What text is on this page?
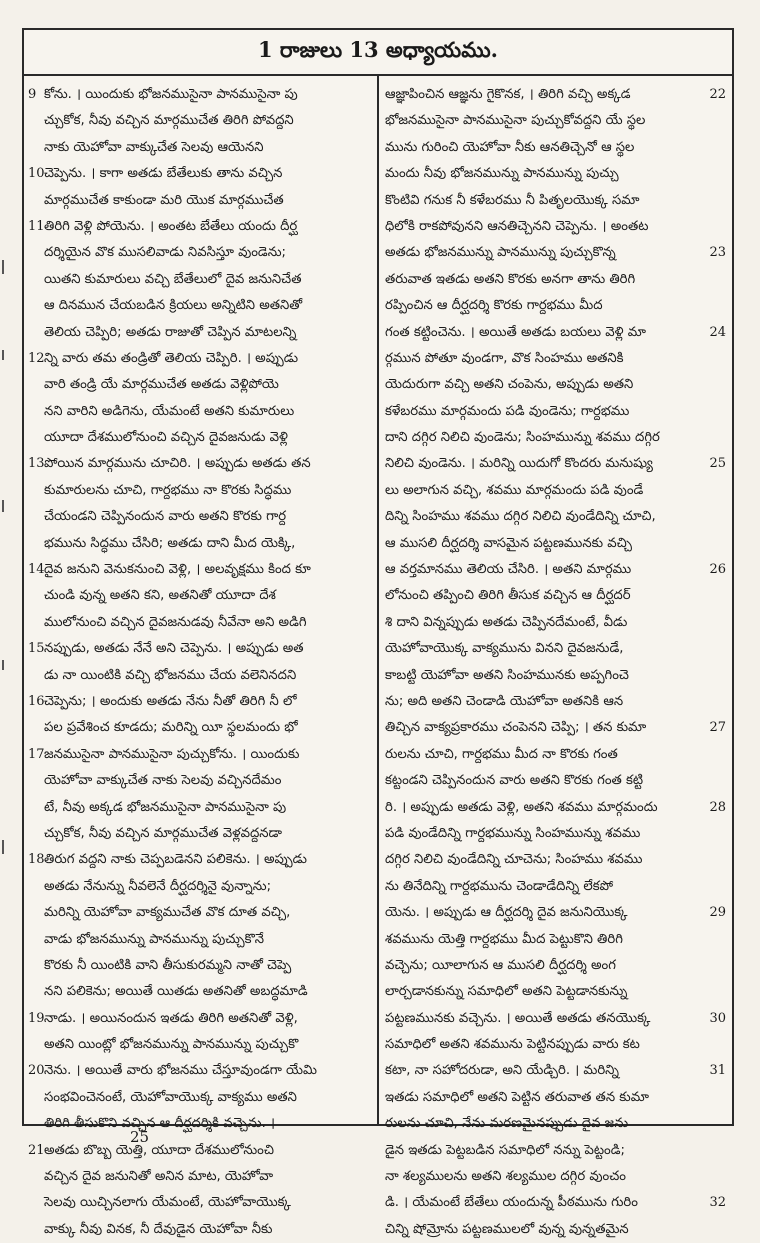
1 రాజులు 13 అధ్యాయము.
9 కోను. । యిందుకు భోజనముసైనా పానముసైనా పు
చ్చుకోక, నీవు వచ్చిన మార్గముచేత తిరిగి పోవద్దని
నాకు యెహోవా వాక్కుచేత సెలవు ఆయెనని
10 చెప్పెను. । కాగా అతడు బేతేలుకు తాను వచ్చిన
మార్గముచేత కాకుండా మరి యొక మార్గముచేత
11 తిరిగి వెళ్లి పోయెను. । అంతట బేతేలు యందు దీర్ఘ
దర్శియైన వొక ముసలివాడు నివసిస్తూ వుండెను;
యితని కుమారులు వచ్చి బేతేలులో దైవ జనునిచేత
ఆ దినమున చేయబడిన క్రియలు అన్నిటిని అతనితో
తెలియ చెప్పిరి; అతడు రాజుతో చెప్పిన మాటలన్ని
12 న్ని వారు తమ తండ్రితో తెలియ చెప్పిరి. । అప్పుడు
వారి తండ్రి యే మార్గముచేత అతడు వెళ్లిపోయె
నని వారిని అడిగెను, యేమంటే అతని కుమారులు
యూదా దేశములోనుంచి వచ్చిన దైవజనుడు వెళ్లి
13 పోయిన మార్గమును చూచిరి. । అప్పుడు అతడు తన
కుమారులను చూచి, గార్దభము నా కొరకు సిద్ధము
చేయండని చెప్పినందున వారు అతని కొరకు గార్ద
భమును సిద్ధము చేసిరి; అతడు దాని మీద యెక్కి,
14 దైవ జనుని వెనుకనుంచి వెళ్లి, । అలవృక్షము కింద కూ
చుండి వున్న అతని కని, అతనితో యూదా దేశ
ములోనుంచి వచ్చిన దైవజనుడవు నీవేనా అని అడిగి
15 నప్పుడు, అతడు నేనే అని చెప్పెను. । అప్పుడు అత
డు నా యింటికి వచ్చి భోజనము చేయ వలెనినదని
16 చెప్పెను; । అందుకు అతడు నేను నీతో తిరిగి నీ లో
పల ప్రవేశించ కూడదు; మరిన్ని యీ స్థలమందు భో
17 జనముసైనా పానముసైనా పుచ్చుకోను. । యిందుకు
యెహోవా వాక్కుచేత నాకు సెలవు వచ్చినదేమం
టే, నీవు అక్కడ భోజనముసైనా పానముసైనా పు
చ్చుకోక, నీవు వచ్చిన మార్గముచేత వెళ్లవద్దనడా
18 తిరుగ వద్దని నాకు చెప్పబడెనని పలికెను. । అప్పుడు
అతడు నేనున్ను నీవలెనే దీర్ఘదర్శినై వున్నాను;
మరిన్ని యెహోవా వాక్యముచేత వొక దూత వచ్చి,
వాడు భోజనమున్ను పానమున్ను పుచ్చుకొనే
కొరకు నీ యింటికి వాని తీసుకురమ్మని నాతో చెప్పె
నని పలికెను; అయితే యితడు అతనితో అబద్ధమాడి
19 నాడు. । అయినందున ఇతడు తిరిగి అతనితో వెళ్లి,
అతని యింట్లో భోజనమున్ను పానమున్ను పుచ్చుకొ
20 నెను. । అయితే వారు భోజనము చేస్తూవుండగా యేమి
సంభవించెనంటే, యెహోవాయొక్క వాక్యము అతని
తిరిగి తీసుకొని వచ్చిన ఆ దీర్ఘదర్శికి వచ్చెను. ।
21 అతడు బొబ్బ యెత్తి, యూదా దేశములోనుంచి
వచ్చిన దైవ జనునితో అనిన మాట, యెహోవా
సెలవు యిచ్చినలాగు యేమంటే, యెహోవాయొక్క
వాక్కు నీవు వినక, నీ దేవుడైన యెహోవా నీకు
22
ఆజ్ఞాపించిన ఆజ్ఞను గైకొనక, । తిరిగి వచ్చి అక్కడ
భోజనముసైనా పానముసైనా పుచ్చుకోవద్దని యే స్థల
మును గురించి యెహోవా నీకు ఆనతిచ్చెనో ఆ స్థల
మందు నీవు భోజనమున్ను పానమున్ను పుచ్చు
కొంటివి గనుక నీ కళేబరము నీ పితృలయొక్క సమా
ధిలోకి రాకపోవునని ఆనతిచ్చెనని చెప్పెను. । అంతట
23
అతడు భోజనమున్ను పానమున్ను పుచ్చుకొన్న
తరువాత ఇతడు అతని కొరకు అనగా తాను తిరిగి
రప్పించిన ఆ దీర్ఘదర్శి కొరకు గార్దభము మీద
24
గంత కట్టించెను. । అయితే అతడు బయలు వెళ్లి మా
ర్గమున పోతూ వుండగా, వొక సింహము అతనికి
యెదురుగా వచ్చి అతని చంపెను, అప్పుడు అతని
కళేబరము మార్గమందు పడి వుండెను; గార్దభము
దాని దగ్గిర నిలిచి వుండెను; సింహమున్ను శవము దగ్గిర
25
నిలిచి వుండెను. । మరిన్ని యిదుగో కొందరు మనుష్యు
లు అలాగున వచ్చి, శవము మార్గమందు పడి వుండే
దిన్ని సింహము శవము దగ్గిర నిలిచి వుండేదిన్ని చూచి,
ఆ ముసలి దీర్ఘదర్శి వాసమైన పట్టణమునకు వచ్చి
26
ఆ వర్తమానము తెలియ చేసిరి. । అతని మార్గము
లోనుంచి తప్పించి తిరిగి తీసుక వచ్చిన ఆ దీర్ఘదర్
శి దాని విన్నప్పుడు అతడు చెప్పినదేమంటే, వీడు
యెహోవాయొక్క వాక్యమును వినని దైవజనుడే,
కాబట్టి యెహోవా అతని సింహమునకు అప్పగించె
ను; అది అతని చెండాడి యెహోవా అతనికి ఆన
27
తిచ్చిన వాక్యప్రకారము చంపెనని చెప్పి; । తన కుమా
రులను చూచి, గార్దభము మీద నా కొరకు గంత
కట్టండని చెప్పినందున వారు అతని కొరకు గంత కట్టి
28
రి. । అప్పుడు అతడు వెళ్లి, అతని శవము మార్గమందు
పడి వుండేదిన్ని గార్దభమున్ను సింహమున్ను శవము
దగ్గిర నిలిచి వుండేదిన్ని చూచెను; సింహము శవము
ను తినేదిన్ని గార్దభమును చెండాడేదిన్ని లేకపో
29
యెను. । అప్పుడు ఆ దీర్ఘదర్శి దైవ జనునియొక్క
శవమును యెత్తి గార్దభము మీద పెట్టుకొని తిరిగి
వచ్చెను; యీలాగున ఆ ముసలి దీర్ఘదర్శి అంగ
లార్చడానకున్ను సమాధిలో అతని పెట్టడానకున్ను
30
పట్టణమునకు వచ్చెను. । అయితే అతడు తనయొక్క
సమాధిలో అతని శవమును పెట్టినప్పుడు వారు కట
31
కటా, నా సహోదరుడా, అని యేడ్చిరి. । మరిన్ని
ఇతడు సమాధిలో అతని పెట్టిన తరువాత తన కుమా
రులను చూచి, నేను మరణమైనప్పుడు దైవ జను
డైన ఇతడు పెట్టబడిన సమాధిలో నన్ను పెట్టండి;
నా శల్యములను అతని శల్యముల దగ్గిర వుంచం
32
డి. । యేమంటే బేతేలు యందున్న పీఠమును గురిం
చిన్ని షోమ్రోను పట్టణములలో వున్న వున్నతమైన
25
